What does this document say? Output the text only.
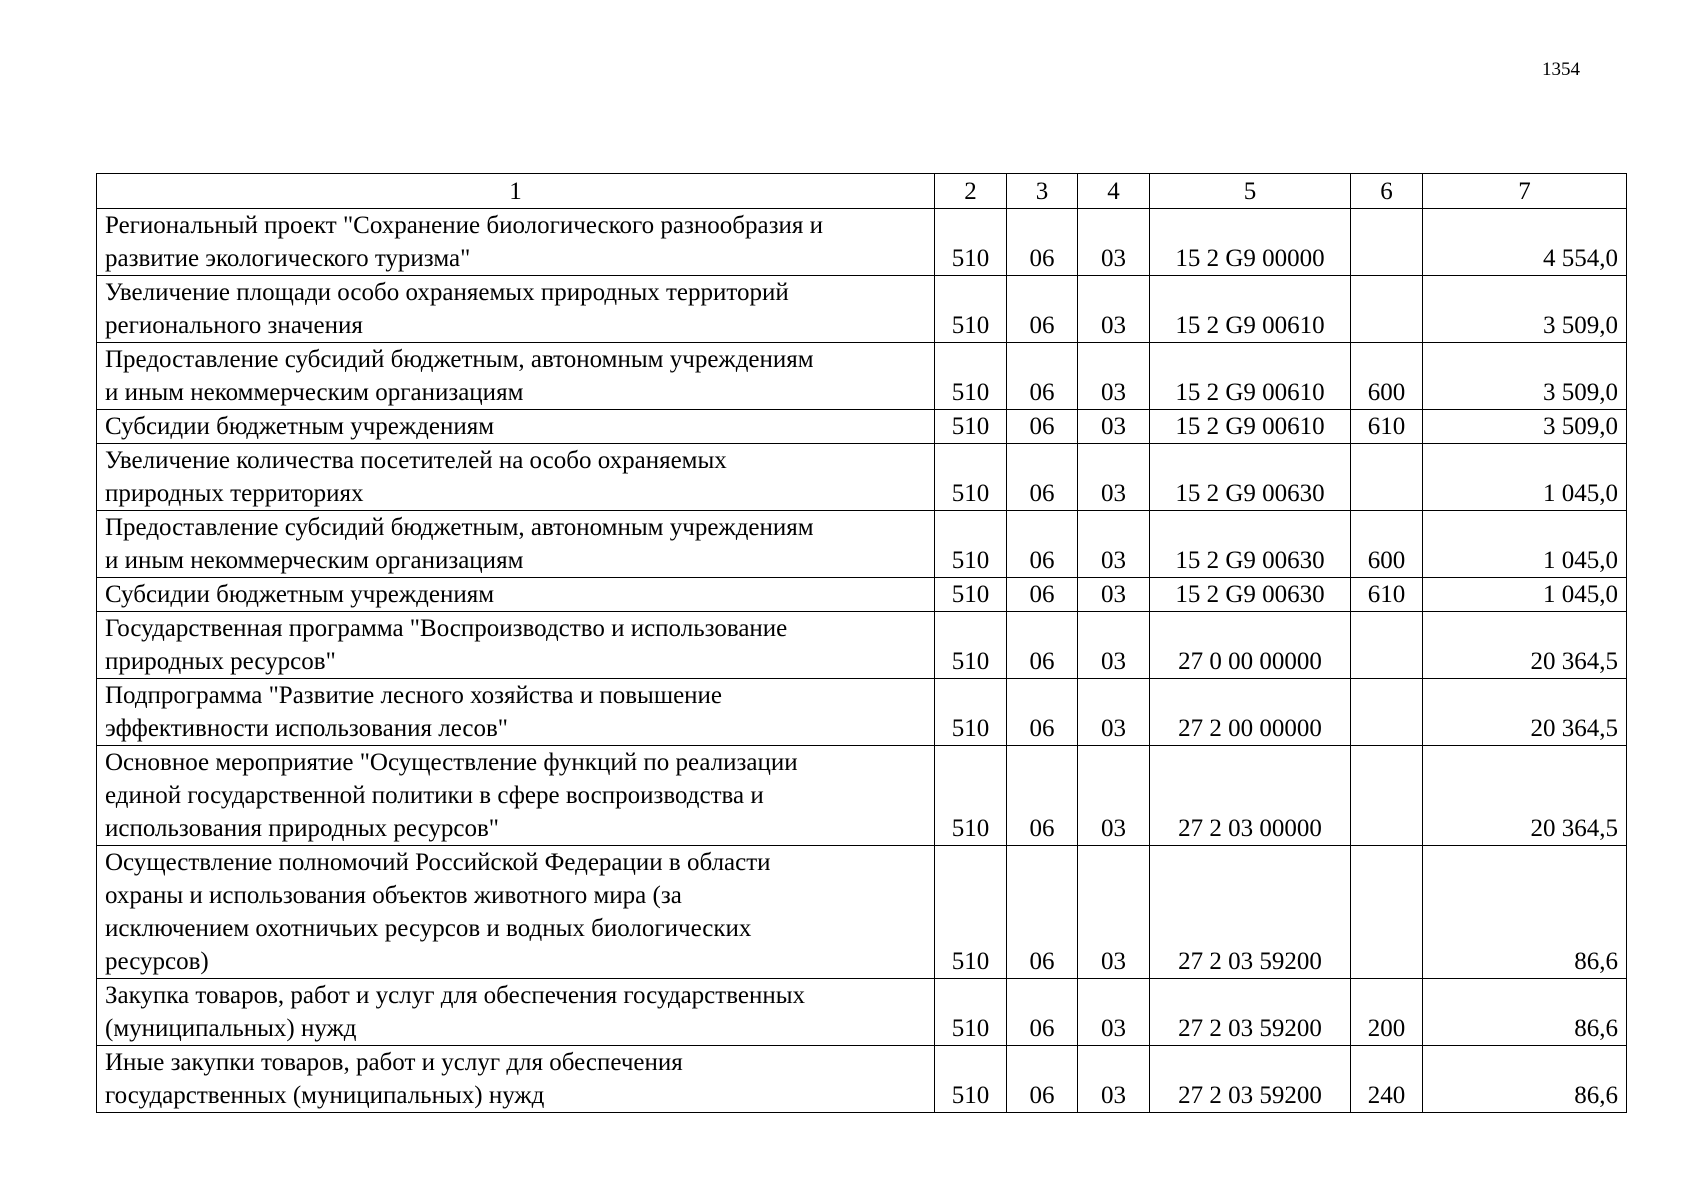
1354
1	2	3	4	5	6	7

Региональный проект "Сохранение биологического разнообразия и
развитие экологического туризма"	510	06	03	15 2 G9 00000		4 554,0

Увеличение площади особо охраняемых природных территорий
регионального значения	510	06	03	15 2 G9 00610		3 509,0

Предоставление субсидий бюджетным, автономным учреждениям
и иным некоммерческим организациям	510	06	03	15 2 G9 00610	600	3 509,0

Субсидии бюджетным учреждениям	510	06	03	15 2 G9 00610	610	3 509,0

Увеличение количества посетителей на особо охраняемых
природных территориях	510	06	03	15 2 G9 00630		1 045,0

Предоставление субсидий бюджетным, автономным учреждениям
и иным некоммерческим организациям	510	06	03	15 2 G9 00630	600	1 045,0

Субсидии бюджетным учреждениям	510	06	03	15 2 G9 00630	610	1 045,0

Государственная программа "Воспроизводство и использование
природных ресурсов"	510	06	03	27 0 00 00000		20 364,5

Подпрограмма "Развитие лесного хозяйства и повышение
эффективности использования лесов"	510	06	03	27 2 00 00000		20 364,5

Основное мероприятие "Осуществление функций по реализации
единой государственной политики в сфере воспроизводства и
использования природных ресурсов"	510	06	03	27 2 03 00000		20 364,5

Осуществление полномочий Российской Федерации в области
охраны и использования объектов животного мира (за
исключением охотничьих ресурсов и водных биологических
ресурсов)	510	06	03	27 2 03 59200		86,6

Закупка товаров, работ и услуг для обеспечения государственных
(муниципальных) нужд	510	06	03	27 2 03 59200	200	86,6

Иные закупки товаров, работ и услуг для обеспечения
государственных (муниципальных) нужд	510	06	03	27 2 03 59200	240	86,6
